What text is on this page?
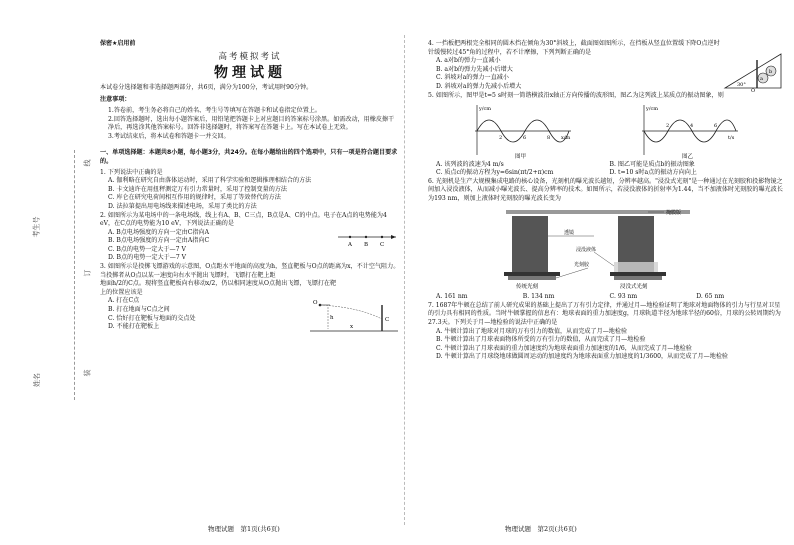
考生号
姓名
线
订
装
保密★启用前
高考模拟考试
物理试题

本试卷分选择题和非选择题两部分，共6页，满分为100分，考试用时90分钟。

注意事项：

1.答卷前，考生务必将自己的姓名、考生号等填写在答题卡和试卷指定位置上。

2.回答选择题时，选出每小题答案后，用铅笔把答题卡上对应题目的答案标号涂黑。如需改动，用橡皮擦干净后，再选涂其他答案标号。回答非选择题时，将答案写在答题卡上。写在本试卷上无效。

3.考试结束后，将本试卷和答题卡一并交回。

一、单项选择题：本题共8小题，每小题3分，共24分。在每小题给出的四个选项中，只有一项是符合题目要求的。

1. 下列说法中正确的是

A. 伽利略在研究自由落体运动时，采用了科学实验和逻辑推理相结合的方法

B. 卡文迪许在用扭秤测定万有引力常量时，采用了控制变量的方法

C. 库仑在研究电荷间相互作用的规律时，采用了等效替代的方法

D. 法拉第提出用电场线来描述电场，采用了类比的方法

2. 如图所示为某电场中的一条电场线，线上有A、B、C三点，B点是A、C的中点。电子在A点的电势能为4 eV，在C点的电势能为10 eV，下列说法正确的是

A. B点电场强度的方向一定由C指向A

B. B点电场强度的方向一定由A指向C

C. B点的电势一定大于—7 V

D. B点的电势一定大于—7 V

A B C

3. 如图所示是投掷飞镖游戏的示意图，O点距水平地面的高度为h，竖直靶板与O点的距离为x，不计空气阻力。当投掷者从O点以某一速度向右水平抛出飞镖时，飞镖打在靶上距

地面h/2的C点。现将竖直靶板向右移动x/2，仍以相同速度从O点抛出飞镖，飞镖打在靶

上的位置应该是

A. 打在C点

B. 打在地面与C点之间

C. 恰好打在靶板与地面的交点处

D. 不能打在靶板上

O
C
h
x
物理试题　第1页(共6页)

4. 一挡板把两根完全相同的圆木挡在倾角为30°斜坡上，截面图如图所示，在挡板从竖直位置缓下降O点逆时针缓慢转过45°角的过程中，若不计摩擦，下列判断正确的是

A. a对b的弹力一直减小

B. a对b的弹力先减小后增大

C. 斜坡对a的弹力一直减小

D. 斜坡对a的弹力先减小后增大

a
b
30°
O

5. 如图所示，图甲是t=5 s时刻一简谐横波沿x轴正方向传播的波形图，图乙为这列波上某质点的振动图象，则

y/cm
x/m
2	6	8
图甲
y/cm
t/s
2	4	6
图乙
A. 该列波的波速为4 m/s	B. 图乙可能是质点b的振动图象
C. 质点c的振动方程为y=6sin(πt/2+π)cm	D. t=10 s时a点的振动方向向上

6. 光刻机是生产大规模集成电路的核心设备，光刻机的曝光波长越短，分辨率越高。"浸没式光刻"是一种通过在光刻胶和投影物镜之间加入浸没液体，从而减小曝光波长、提高分辨率的技术。如图所示，若浸没液体的折射率为1.44，当不加液体时光刻胶的曝光波长为193 nm，则加上液体时光刻胶的曝光波长变为

掩膜版
透镜
浸没液体
光刻胶
传统光刻	浸没式光刻
A. 161 nm	B. 134 nm	C. 93 nm	D. 65 nm

7. 1687年牛顿在总结了前人研究成果的基础上提出了万有引力定律，并通过月—地检验证明了地球对地面物体的引力与行星对卫星的引力具有相同的性质。当时牛顿掌握的信息有：地球表面的重力加速度g，月球轨道半径为地球半径的60倍，月球的公转周期约为27.3天。下列关于月—地检验的说法中正确的是

A. 牛顿计算出了地球对月球的万有引力的数值，从而完成了月—地检验

B. 牛顿计算出了月球表面物体所受的万有引力的数值，从而完成了月—地检验

C. 牛顿计算出了月球表面的重力加速度约为地球表面重力加速度的1/6，从而完成了月—地检验

D. 牛顿计算出了月球绕地球做圆周运动的加速度约为地球表面重力加速度的1/3600，从而完成了月—地检验

物理试题　第2页(共6页)
